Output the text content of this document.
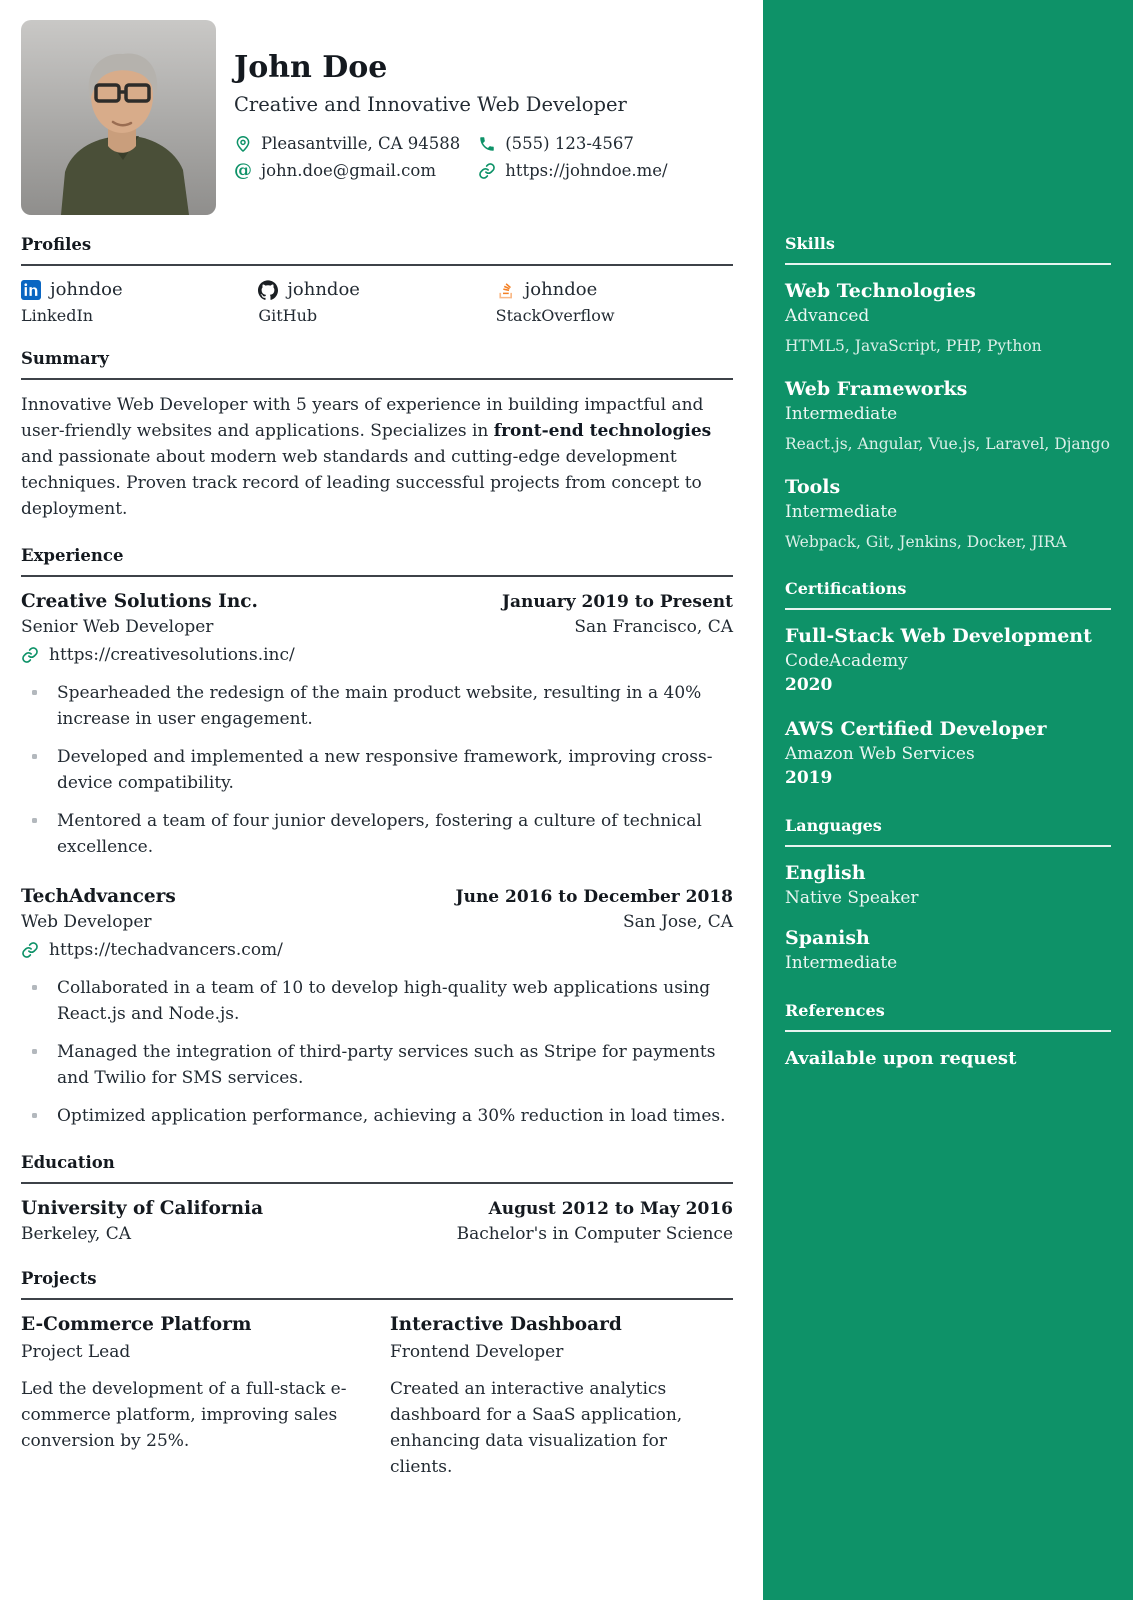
Skills
Web Technologies
Advanced
HTML5, JavaScript, PHP, Python
Web Frameworks
Intermediate
React.js, Angular, Vue.js, Laravel, Django
Tools
Intermediate
Webpack, Git, Jenkins, Docker, JIRA
Certifications
Full-Stack Web Development
CodeAcademy
2020
AWS Certified Developer
Amazon Web Services
2019
Languages
English
Native Speaker
Spanish
Intermediate
References
Available upon request
John Doe
Creative and Innovative Web Developer
Pleasantville, CA 94588	(555) 123-4567
@ john.doe@gmail.com	https://johndoe.me/
Profiles
johndoe
LinkedIn
johndoe
GitHub
johndoe
StackOverflow
Summary

Innovative Web Developer with 5 years of experience in building impactful and user-friendly websites and applications. Specializes in front-end technologies and passionate about modern web standards and cutting-edge development techniques. Proven track record of leading successful projects from concept to deployment.

Experience
Creative Solutions Inc.	January 2019 to Present
Senior Web Developer	San Francisco, CA
https://creativesolutions.inc/
Spearheaded the redesign of the main product website, resulting in a 40% increase in user engagement.
Developed and implemented a new responsive framework, improving cross-device compatibility.
Mentored a team of four junior developers, fostering a culture of technical excellence.
TechAdvancers	June 2016 to December 2018
Web Developer	San Jose, CA
https://techadvancers.com/
Collaborated in a team of 10 to develop high-quality web applications using React.js and Node.js.
Managed the integration of third-party services such as Stripe for payments and Twilio for SMS services.
Optimized application performance, achieving a 30% reduction in load times.
Education
University of California	August 2012 to May 2016
Berkeley, CA	Bachelor's in Computer Science
Projects
E-Commerce Platform
Project Lead

Led the development of a full-stack e-commerce platform, improving sales conversion by 25%.

Interactive Dashboard
Frontend Developer

Created an interactive analytics dashboard for a SaaS application, enhancing data visualization for clients.
